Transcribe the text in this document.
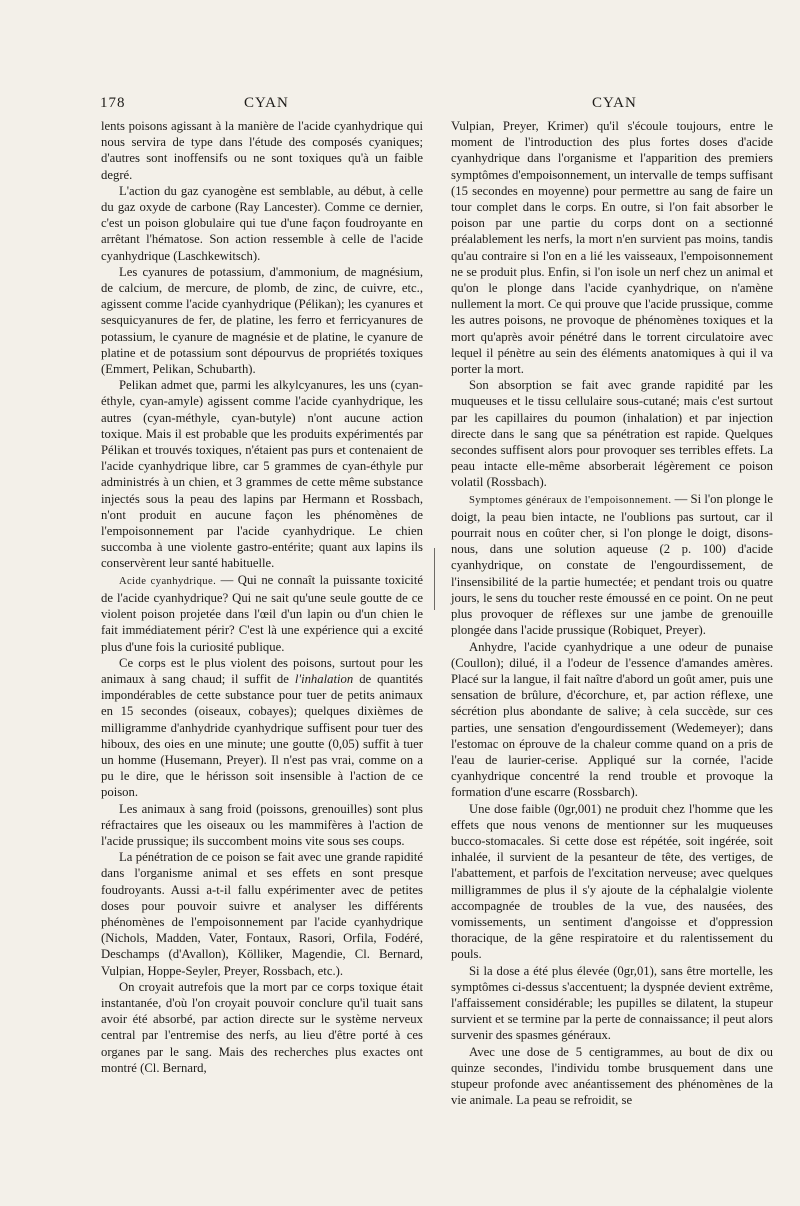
178	CYAN	CYAN

lents poisons agissant à la manière de l'acide cyanhydrique qui nous servira de type dans l'étude des composés cyaniques; d'autres sont inoffensifs ou ne sont toxiques qu'à un faible degré.

L'action du gaz cyanogène est semblable, au début, à celle du gaz oxyde de carbone (Ray Lancester). Comme ce dernier, c'est un poison globulaire qui tue d'une façon foudroyante en arrêtant l'hématose. Son action ressemble à celle de l'acide cyanhydrique (Laschkewitsch).

Les cyanures de potassium, d'ammonium, de magnésium, de calcium, de mercure, de plomb, de zinc, de cuivre, etc., agissent comme l'acide cyanhydrique (Pélikan); les cyanures et sesquicyanures de fer, de platine, les ferro et ferricyanures de potassium, le cyanure de magnésie et de platine, le cyanure de platine et de potassium sont dépourvus de propriétés toxiques (Emmert, Pelikan, Schubarth).

Pelikan admet que, parmi les alkylcyanures, les uns (cyan-éthyle, cyan-amyle) agissent comme l'acide cyanhydrique, les autres (cyan-méthyle, cyan-butyle) n'ont aucune action toxique. Mais il est probable que les produits expérimentés par Pélikan et trouvés toxiques, n'étaient pas purs et contenaient de l'acide cyanhydrique libre, car 5 grammes de cyan-éthyle pur administrés à un chien, et 3 grammes de cette même substance injectés sous la peau des lapins par Hermann et Rossbach, n'ont produit en aucune façon les phénomènes de l'empoisonnement par l'acide cyanhydrique. Le chien succomba à une violente gastro-entérite; quant aux lapins ils conservèrent leur santé habituelle.

Acide cyanhydrique. — Qui ne connaît la puissante toxicité de l'acide cyanhydrique? Qui ne sait qu'une seule goutte de ce violent poison projetée dans l'œil d'un lapin ou d'un chien le fait immédiatement périr? C'est là une expérience qui a excité plus d'une fois la curiosité publique.

Ce corps est le plus violent des poisons, surtout pour les animaux à sang chaud; il suffit de l'inhalation de quantités impondérables de cette substance pour tuer de petits animaux en 15 secondes (oiseaux, cobayes); quelques dixièmes de milligramme d'anhydride cyanhydrique suffisent pour tuer des hiboux, des oies en une minute; une goutte (0,05) suffit à tuer un homme (Husemann, Preyer). Il n'est pas vrai, comme on a pu le dire, que le hérisson soit insensible à l'action de ce poison.

Les animaux à sang froid (poissons, grenouilles) sont plus réfractaires que les oiseaux ou les mammifères à l'action de l'acide prussique; ils succombent moins vite sous ses coups.

La pénétration de ce poison se fait avec une grande rapidité dans l'organisme animal et ses effets en sont presque foudroyants. Aussi a-t-il fallu expérimenter avec de petites doses pour pouvoir suivre et analyser les différents phénomènes de l'empoisonnement par l'acide cyanhydrique (Nichols, Madden, Vater, Fontaux, Rasori, Orfila, Fodéré, Deschamps (d'Avallon), Kölliker, Magendie, Cl. Bernard, Vulpian, Hoppe-Seyler, Preyer, Rossbach, etc.).

On croyait autrefois que la mort par ce corps toxique était instantanée, d'où l'on croyait pouvoir conclure qu'il tuait sans avoir été absorbé, par action directe sur le système nerveux central par l'entremise des nerfs, au lieu d'être porté à ces organes par le sang. Mais des recherches plus exactes ont montré (Cl. Bernard,

Vulpian, Preyer, Krimer) qu'il s'écoule toujours, entre le moment de l'introduction des plus fortes doses d'acide cyanhydrique dans l'organisme et l'apparition des premiers symptômes d'empoisonnement, un intervalle de temps suffisant (15 secondes en moyenne) pour permettre au sang de faire un tour complet dans le corps. En outre, si l'on fait absorber le poison par une partie du corps dont on a sectionné préalablement les nerfs, la mort n'en survient pas moins, tandis qu'au contraire si l'on en a lié les vaisseaux, l'empoisonnement ne se produit plus. Enfin, si l'on isole un nerf chez un animal et qu'on le plonge dans l'acide cyanhydrique, on n'amène nullement la mort. Ce qui prouve que l'acide prussique, comme les autres poisons, ne provoque de phénomènes toxiques et la mort qu'après avoir pénétré dans le torrent circulatoire avec lequel il pénètre au sein des éléments anatomiques à qui il va porter la mort.

Son absorption se fait avec grande rapidité par les muqueuses et le tissu cellulaire sous-cutané; mais c'est surtout par les capillaires du poumon (inhalation) et par injection directe dans le sang que sa pénétration est rapide. Quelques secondes suffisent alors pour provoquer ses terribles effets. La peau intacte elle-même absorberait légèrement ce poison volatil (Rossbach).

Symptomes généraux de l'empoisonnement. — Si l'on plonge le doigt, la peau bien intacte, ne l'oublions pas surtout, car il pourrait nous en coûter cher, si l'on plonge le doigt, disons-nous, dans une solution aqueuse (2 p. 100) d'acide cyanhydrique, on constate de l'engourdissement, de l'insensibilité de la partie humectée; et pendant trois ou quatre jours, le sens du toucher reste émoussé en ce point. On ne peut plus provoquer de réflexes sur une jambe de grenouille plongée dans l'acide prussique (Robiquet, Preyer).

Anhydre, l'acide cyanhydrique a une odeur de punaise (Coullon); dilué, il a l'odeur de l'essence d'amandes amères. Placé sur la langue, il fait naître d'abord un goût amer, puis une sensation de brûlure, d'écorchure, et, par action réflexe, une sécrétion plus abondante de salive; à cela succède, sur ces parties, une sensation d'engourdissement (Wedemeyer); dans l'estomac on éprouve de la chaleur comme quand on a pris de l'eau de laurier-cerise. Appliqué sur la cornée, l'acide cyanhydrique concentré la rend trouble et provoque la formation d'une escarre (Rossbarch).

Une dose faible (0gr,001) ne produit chez l'homme que les effets que nous venons de mentionner sur les muqueuses bucco-stomacales. Si cette dose est répétée, soit ingérée, soit inhalée, il survient de la pesanteur de tête, des vertiges, de l'abattement, et parfois de l'excitation nerveuse; avec quelques milligrammes de plus il s'y ajoute de la céphalalgie violente accompagnée de troubles de la vue, des nausées, des vomissements, un sentiment d'angoisse et d'oppression thoracique, de la gêne respiratoire et du ralentissement du pouls.

Si la dose a été plus élevée (0gr,01), sans être mortelle, les symptômes ci-dessus s'accentuent; la dyspnée devient extrême, l'affaissement considérable; les pupilles se dilatent, la stupeur survient et se termine par la perte de connaissance; il peut alors survenir des spasmes généraux.

Avec une dose de 5 centigrammes, au bout de dix ou quinze secondes, l'individu tombe brusquement dans une stupeur profonde avec anéantissement des phénomènes de la vie animale. La peau se refroidit, se
